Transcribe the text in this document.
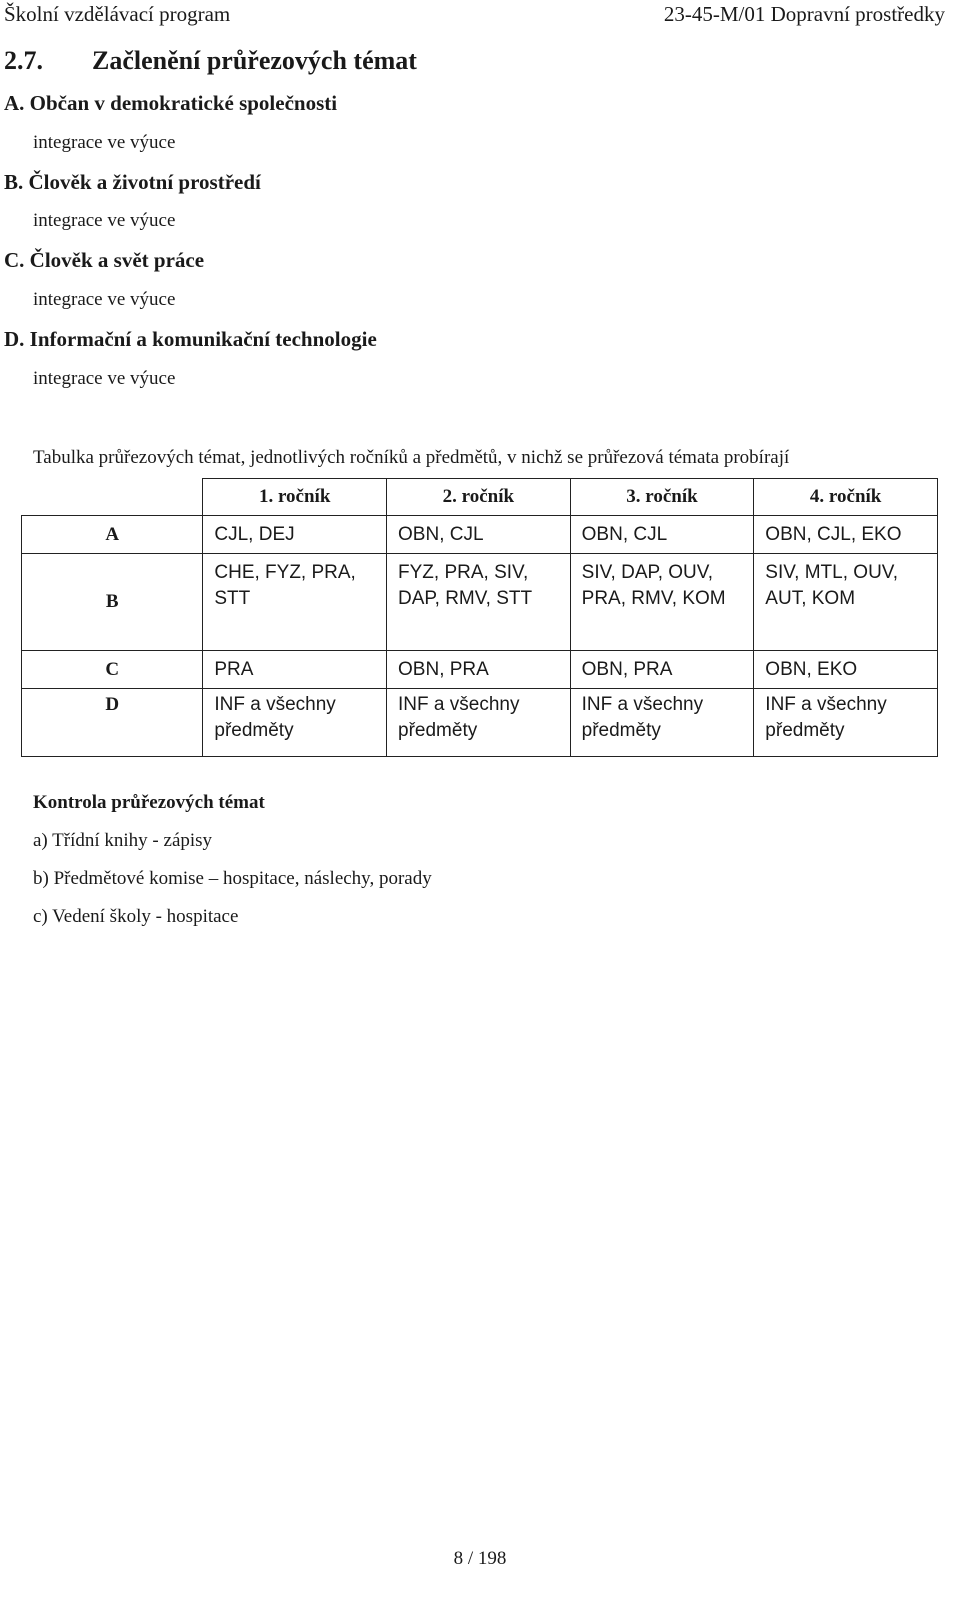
Školní vzdělávací program	23-45-M/01 Dopravní prostředky
2.7. Začlenění průřezových témat
A. Občan v demokratické společnosti
integrace ve výuce
B. Člověk a životní prostředí
integrace ve výuce
C. Člověk a svět práce
integrace ve výuce
D. Informační a komunikační technologie
integrace ve výuce
Tabulka průřezových témat, jednotlivých ročníků a předmětů, v nichž se průřezová témata probírají
	1. ročník	2. ročník	3. ročník	4. ročník
A	CJL, DEJ	OBN, CJL	OBN, CJL	OBN, CJL, EKO
B	CHE, FYZ, PRA, STT	FYZ, PRA, SIV, DAP, RMV, STT	SIV, DAP, OUV, PRA, RMV, KOM	SIV, MTL, OUV, AUT, KOM
C	PRA	OBN, PRA	OBN, PRA	OBN, EKO
D	INF a všechny předměty	INF a všechny předměty	INF a všechny předměty	INF a všechny předměty
Kontrola průřezových témat
a) Třídní knihy - zápisy
b) Předmětové komise – hospitace, náslechy, porady
c) Vedení školy - hospitace
8 / 198
